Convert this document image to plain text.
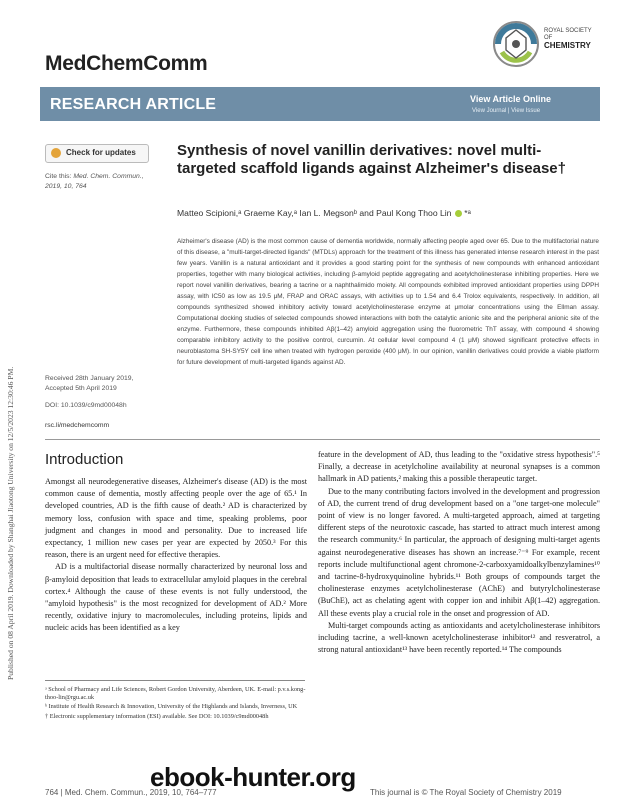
Published on 08 April 2019. Downloaded by Shanghai Jiaotong University on 12/5/2023 12:30:46 PM.
MedChemComm
ROYAL SOCIETY
OF
CHEMISTRY
RESEARCH ARTICLE	View Article Online
View Journal | View Issue
Check for updates
Cite this: Med. Chem. Commun., 2019, 10, 764
Synthesis of novel vanillin derivatives: novel multi-targeted scaffold ligands against Alzheimer's disease†
Matteo Scipioni,ᵃ Graeme Kay,ᵃ Ian L. Megsonᵇ and Paul Kong Thoo Lin *ᵃ
Alzheimer's disease (AD) is the most common cause of dementia worldwide, normally affecting people aged over 65. Due to the multifactorial nature of this disease, a "multi-target-directed ligands" (MTDLs) approach for the treatment of this illness has generated intense research interest in the past few years. Vanillin is a natural antioxidant and it provides a good starting point for the synthesis of new compounds with enhanced antioxidant properties, together with many biological activities, including β-amyloid peptide aggregating and acetylcholinesterase inhibiting properties. Here we report novel vanillin derivatives, bearing a tacrine or a naphthalimido moiety. All compounds exhibited improved antioxidant properties using DPPH assay, with IC50 as low as 19.5 μM, FRAP and ORAC assays, with activities up to 1.54 and 6.4 Trolox equivalents, respectively. In addition, all compounds synthesized showed inhibitory activity toward acetylcholinesterase enzyme at μmolar concentrations using the Ellman assay. Computational docking studies of selected compounds showed interactions with both the catalytic anionic site and the peripheral anionic site of the enzyme. Furthermore, these compounds inhibited Aβ(1–42) amyloid aggregation using the fluorometric ThT assay, with compound 4 showing comparable inhibitory activity to the positive control, curcumin. At cellular level compound 4 (1 μM) showed significant protective effects in neuroblastoma SH-SY5Y cell line when treated with hydrogen peroxide (400 μM). In our opinion, vanillin derivatives could provide a viable platform for future development of multi-targeted ligands against AD.
Received 28th January 2019,
Accepted 5th April 2019
DOI: 10.1039/c9md00048h
rsc.li/medchemcomm
Introduction

Amongst all neurodegenerative diseases, Alzheimer's disease (AD) is the most common cause of dementia, mostly affecting people over the age of 65.¹ In developed countries, AD is the fifth cause of death.² AD is characterized by memory loss, confusion with space and time, speaking problems, poor judgment and changes in mood and personality. Due to increased life expectancy, 1 million new cases per year are expected by 2050.³ For this reason, there is an urgent need for effective therapies.

AD is a multifactorial disease normally characterized by neuronal loss and β-amyloid deposition that leads to extracellular amyloid plaques in the cerebral cortex.⁴ Although the cause of these events is not fully understood, the "amyloid hypothesis" is the most recognized for development of AD.² More recently, oxidative injury to macromolecules, including proteins, lipids and nucleic acids has been identified as a key

feature in the development of AD, thus leading to the "oxidative stress hypothesis".⁵ Finally, a decrease in acetylcholine availability at neuronal synapses is a common hallmark in AD patients,² making this a possible therapeutic target.

Due to the many contributing factors involved in the development and progression of AD, the current trend of drug development based on a "one target-one molecule" point of view is no longer favored. A multi-targeted approach, aimed at targeting different steps of the neurotoxic cascade, has started to attract much interest among the research community.⁶ In particular, the approach of designing multi-target agents against neurodegenerative diseases has shown an increase.⁷⁻⁹ For example, recent reports include multifunctional agent chromone-2-carboxyamidoalkylbenzylamines¹⁰ and tacrine-8-hydroxyquinoline hybrids.¹¹ Both groups of compounds target the cholinesterase enzymes acetylcholinesterase (AChE) and butyrylcholinesterase (BuChE), act as chelating agent with copper ion and inhibit Aβ(1–42) aggregation. All these events play a crucial role in the onset and progression of AD.

Multi-target compounds acting as antioxidants and acetylcholinesterase inhibitors including tacrine, a well-known acetylcholinesterase inhibitor¹² and resveratrol, a strong natural antioxidant¹³ have been recently reported.¹⁴ The compounds

ᵃ School of Pharmacy and Life Sciences, Robert Gordon University, Aberdeen, UK. E-mail: p.v.s.kong-thoo-lin@rgu.ac.uk

ᵇ Institute of Health Research & Innovation, University of the Highlands and Islands, Inverness, UK

† Electronic supplementary information (ESI) available. See DOI: 10.1039/c9md00048h

764 | Med. Chem. Commun., 2019, 10, 764–777	This journal is © The Royal Society of Chemistry 2019
ebook-hunter.org
